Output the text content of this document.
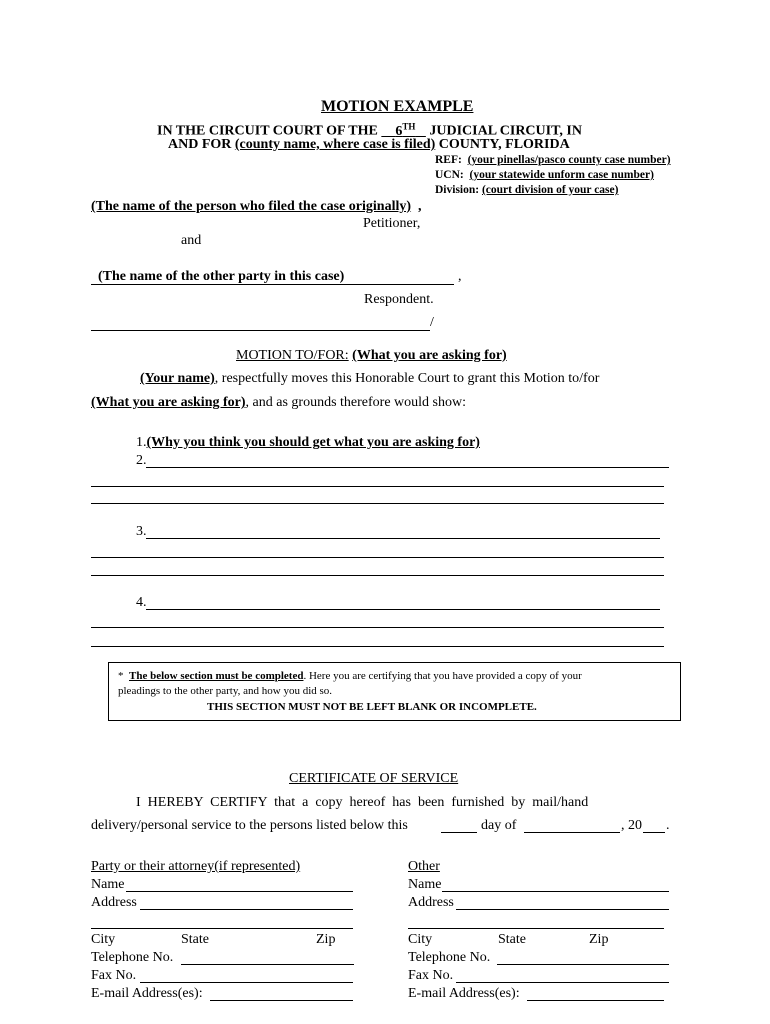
MOTION EXAMPLE
IN THE CIRCUIT COURT OF THE 6TH JUDICIAL CIRCUIT, IN
AND FOR (county name, where case is filed) COUNTY, FLORIDA
REF: (your pinellas/pasco county case number)
UCN: (your statewide unform case number)
Division: (court division of your case)
(The name of the person who filed the case originally) ,
Petitioner,
and
(The name of the other party in this case)	,
Respondent.
/
MOTION TO/FOR: (What you are asking for)
(Your name), respectfully moves this Honorable Court to grant this Motion to/for
(What you are asking for), and as grounds therefore would show:
1.(Why you think you should get what you are asking for)
2.
3.
4.
* The below section must be completed. Here you are certifying that you have provided a copy of your
pleadings to the other party, and how you did so.
THIS SECTION MUST NOT BE LEFT BLANK OR INCOMPLETE.
CERTIFICATE OF SERVICE
I  HEREBY  CERTIFY  that  a  copy  hereof  has  been  furnished  by  mail/hand
delivery/personal service to the persons listed below this	day of	, 20 .
Party or their attorney(if represented)
Name
Address
City	State	Zip
Telephone No.
Fax No.
E-mail Address(es):
Other
Name
Address
City	State	Zip
Telephone No.
Fax No.
E-mail Address(es):
